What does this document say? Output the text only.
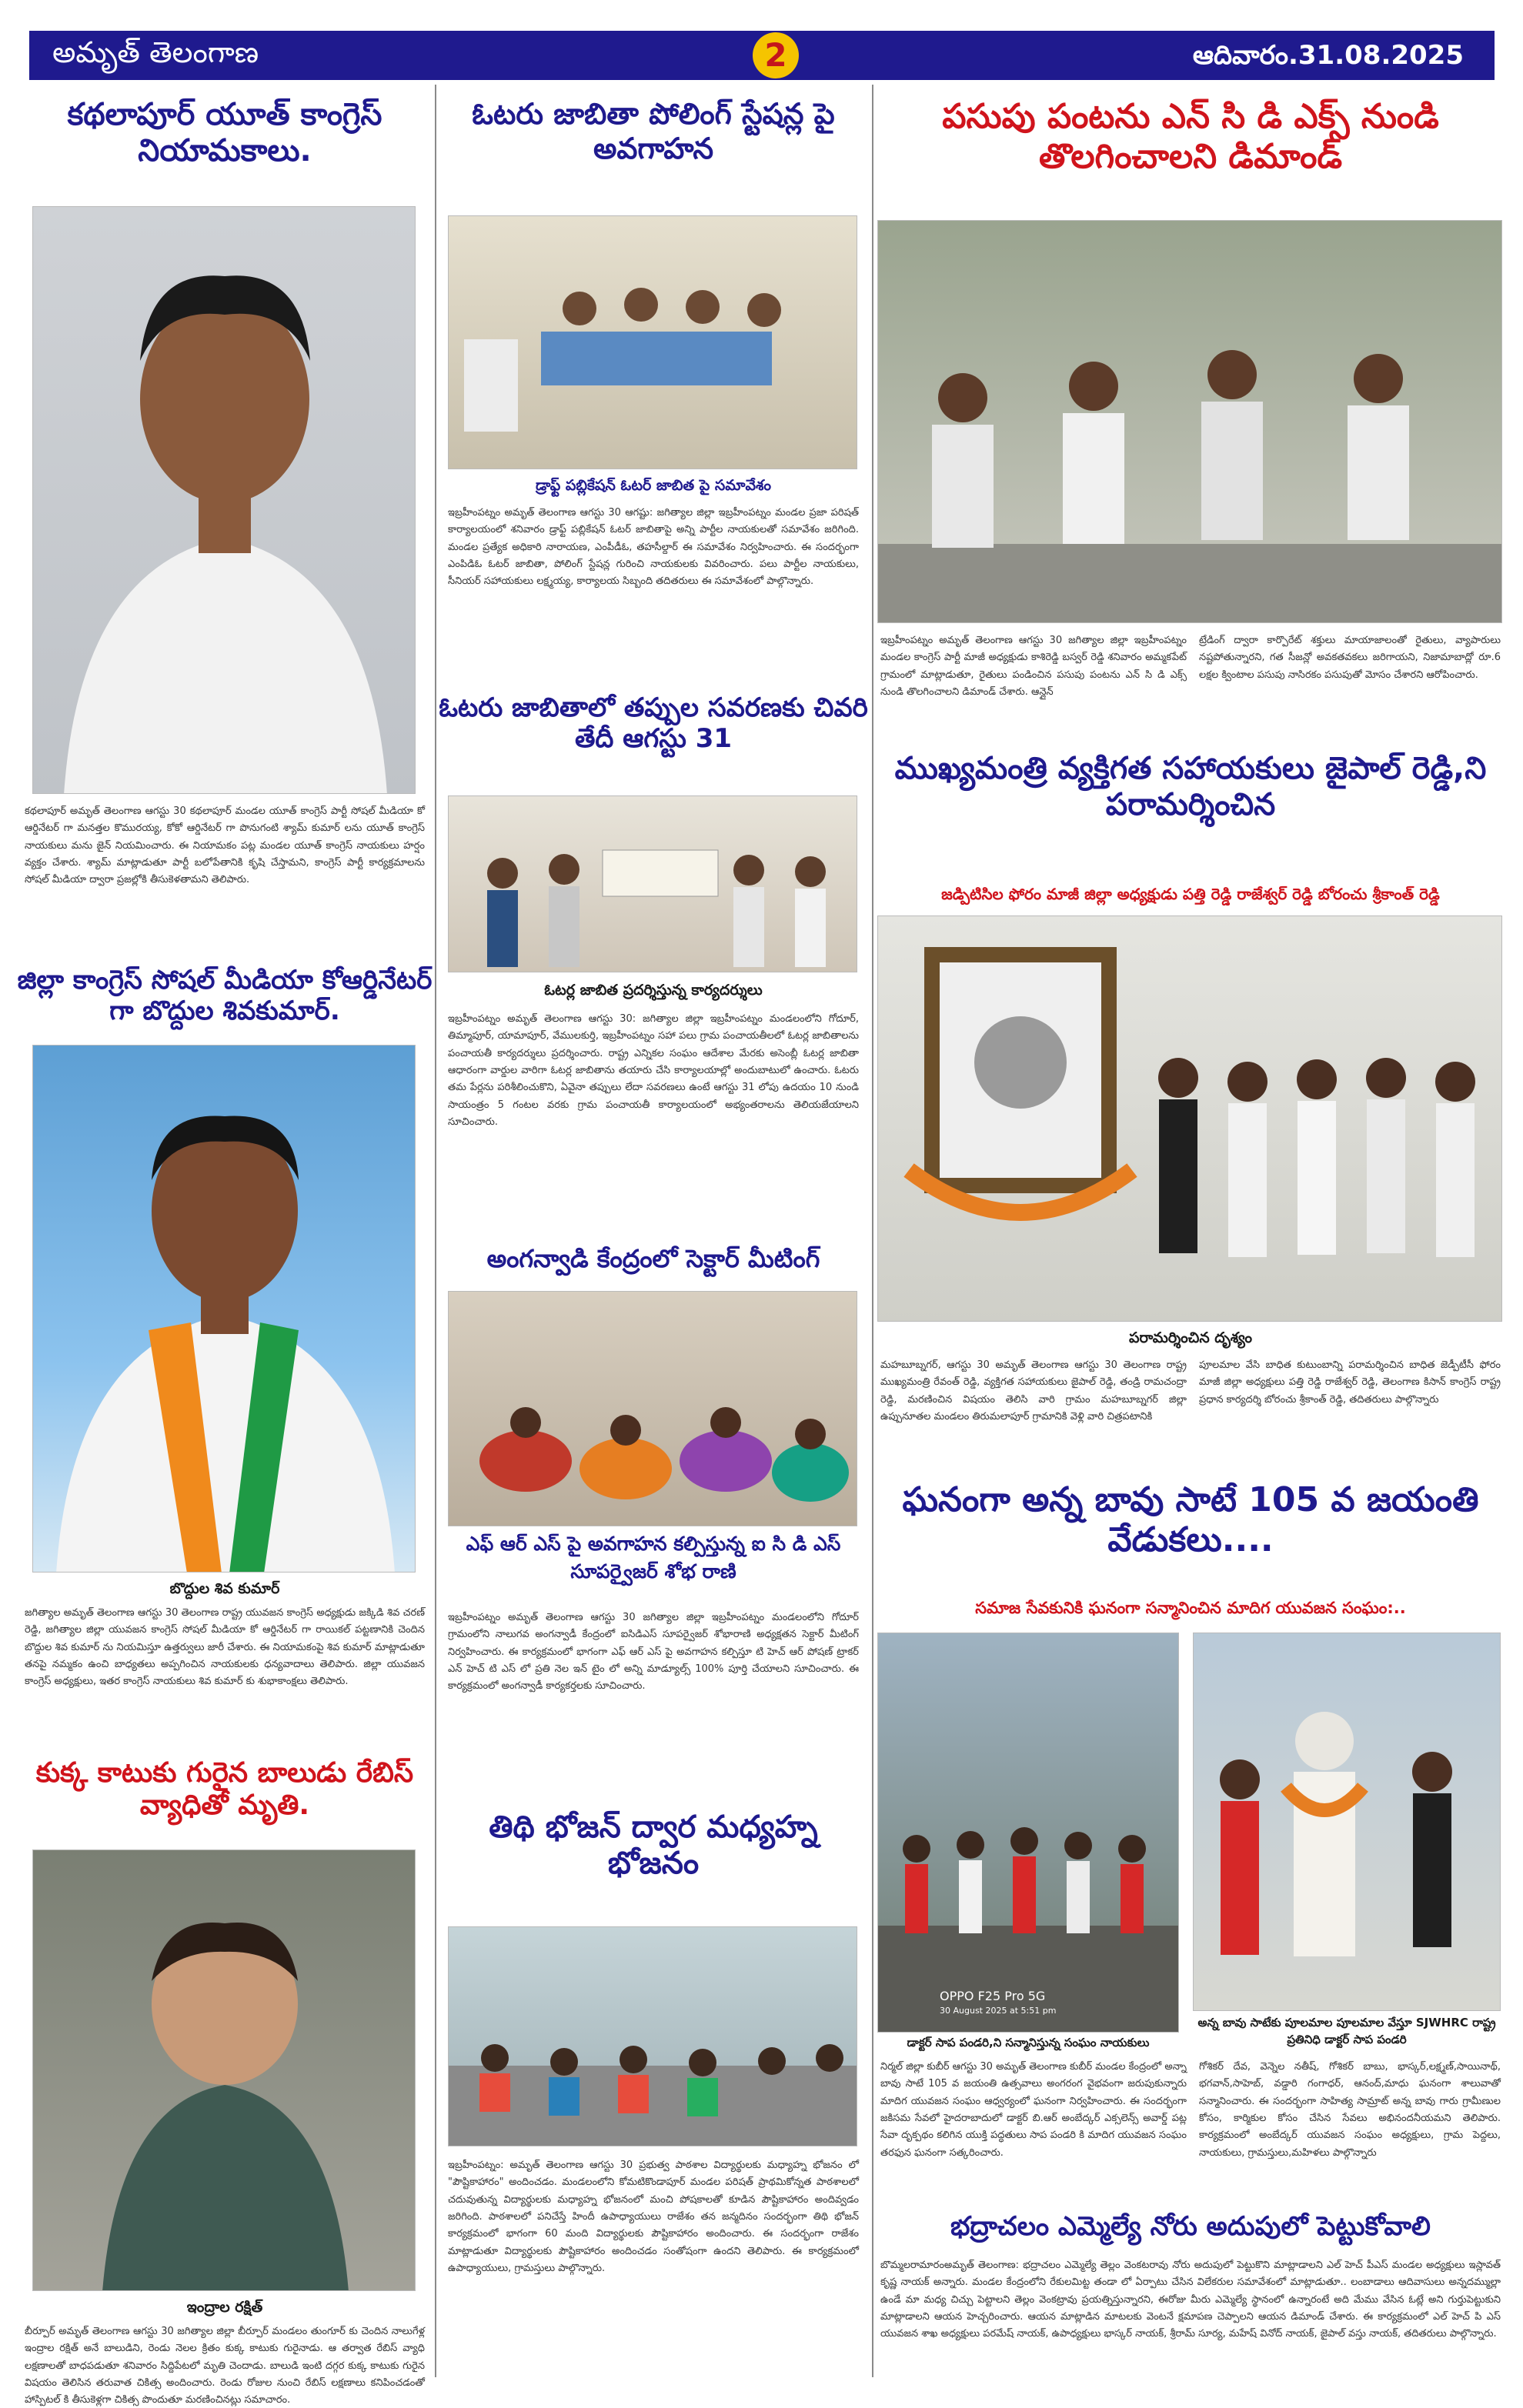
అమృత్ తెలంగాణ	2	ఆదివారం.31.08.2025
కథలాపూర్ యూత్ కాంగ్రెస్ నియామకాలు.
కథలాపూర్ అమృత్ తెలంగాణ ఆగస్టు 30 కథలాపూర్ మండల యూత్ కాంగ్రెస్ పార్టీ సోషల్ మీడియా కో ఆర్డినేటర్ గా మనత్తల కొమురయ్య, కోకో ఆర్డినేటర్ గా పొనుగంటి శ్యామ్ కుమార్ లను యూత్ కాంగ్రెస్ నాయకులు మను జైన్ నియమించారు. ఈ నియామకం పట్ల మండల యూత్ కాంగ్రెస్ నాయకులు హర్షం వ్యక్తం చేశారు. శ్యామ్ మాట్లాడుతూ పార్టీ బలోపేతానికి కృషి చేస్తామని, కాంగ్రెస్ పార్టీ కార్యక్రమాలను సోషల్ మీడియా ద్వారా ప్రజల్లోకి తీసుకెళతామని తెలిపారు.
జిల్లా కాంగ్రెస్ సోషల్ మీడియా కోఆర్డినేటర్ గా బొద్దుల శివకుమార్.
బొద్దుల శివ కుమార్
జగిత్యాల అమృత్ తెలంగాణ ఆగస్టు 30 తెలంగాణ రాష్ట్ర యువజన కాంగ్రెస్ అధ్యక్షుడు జక్కిడి శివ చరణ్ రెడ్డి, జగిత్యాల జిల్లా యువజన కాంగ్రెస్ సోషల్ మీడియా కో ఆర్డినేటర్ గా రాయికల్ పట్టణానికి చెందిన బొద్దుల శివ కుమార్ ను నియమిస్తూ ఉత్తర్వులు జారీ చేశారు. ఈ నియామకంపై శివ కుమార్ మాట్లాడుతూ తనపై నమ్మకం ఉంచి బాధ్యతలు అప్పగించిన నాయకులకు ధన్యవాదాలు తెలిపారు. జిల్లా యువజన కాంగ్రెస్ అధ్యక్షులు, ఇతర కాంగ్రెస్ నాయకులు శివ కుమార్ కు శుభాకాంక్షలు తెలిపారు.
కుక్క కాటుకు గురైన బాలుడు రేబిస్ వ్యాధితో మృతి.
ఇంద్రాల రక్షిత్
బీర్పూర్ అమృత్ తెలంగాణ ఆగస్టు 30 జగిత్యాల జిల్లా బీర్పూర్ మండలం తుంగూర్ కు చెందిన నాలుగేళ్ల ఇంద్రాల రక్షిత్ అనే బాలుడిని, రెండు నెలల క్రితం కుక్క కాటుకు గురైనాడు. ఆ తర్వాత రేబిస్ వ్యాధి లక్షణాలతో బాధపడుతూ శనివారం సిద్దిపేటలో మృతి చెందాడు. బాలుడి ఇంటి దగ్గర కుక్క కాటుకు గురైన విషయం తెలిసిన తరువాత చికిత్స అందించారు. రెండు రోజుల నుంచి రేబిస్ లక్షణాలు కనిపించడంతో హాస్పిటల్ కి తీసుకెళ్లగా చికిత్స పొందుతూ మరణించినట్లు సమాచారం.
ఓటరు జాబితా పోలింగ్ స్టేషన్ల పై అవగాహన
డ్రాఫ్ట్ పబ్లికేషన్ ఓటర్ జాబిత పై సమావేశం
ఇబ్రహీంపట్నం అమృత్ తెలంగాణ ఆగస్టు 30 ఆగష్టు: జగిత్యాల జిల్లా ఇబ్రహీంపట్నం మండల ప్రజా పరిషత్ కార్యాలయంలో శనివారం డ్రాఫ్ట్ పబ్లికేషన్ ఓటర్ జాబితాపై అన్ని పార్టీల నాయకులతో సమావేశం జరిగింది. మండల ప్రత్యేక అధికారి నారాయణ, ఎంపీడీఓ, తహసీల్దార్ ఈ సమావేశం నిర్వహించారు. ఈ సందర్భంగా ఎంపిడిఓ ఓటర్ జాబితా, పోలింగ్ స్టేషన్ల గురించి నాయకులకు వివరించారు. పలు పార్టీల నాయకులు, సీనియర్ సహాయకులు లక్ష్మయ్య, కార్యాలయ సిబ్బంది తదితరులు ఈ సమావేశంలో పాల్గొన్నారు.
ఓటరు జాబితాలో తప్పుల సవరణకు చివరి తేదీ ఆగస్టు 31
ఓటర్ల జాబిత ప్రదర్శిస్తున్న కార్యదర్శులు
ఇబ్రహీంపట్నం అమృత్ తెలంగాణ ఆగస్టు 30: జగిత్యాల జిల్లా ఇబ్రహీంపట్నం మండలంలోని గోదూర్, తిమ్మాపూర్, యామాపూర్, వేములకుర్తి, ఇబ్రహీంపట్నం సహా పలు గ్రామ పంచాయతీలలో ఓటర్ల జాబితాలను పంచాయతీ కార్యదర్శులు ప్రదర్శించారు. రాష్ట్ర ఎన్నికల సంఘం ఆదేశాల మేరకు అసెంబ్లీ ఓటర్ల జాబితా ఆధారంగా వార్డుల వారిగా ఓటర్ల జాబితాను తయారు చేసి కార్యాలయాల్లో అందుబాటులో ఉంచారు. ఓటరు తమ పేర్లను పరిశీలించుకొని, ఏవైనా తప్పులు లేదా సవరణలు ఉంటే ఆగస్టు 31 లోపు ఉదయం 10 నుండి సాయంత్రం 5 గంటల వరకు గ్రామ పంచాయతీ కార్యాలయంలో అభ్యంతరాలను తెలియజేయాలని సూచించారు.
అంగన్వాడి కేంద్రంలో సెక్టార్ మీటింగ్
ఎఫ్ ఆర్ ఎస్ పై అవగాహన కల్పిస్తున్న ఐ సి డి ఎస్ సూపర్వైజర్ శోభ రాణి
ఇబ్రహీంపట్నం అమృత్ తెలంగాణ ఆగస్టు 30 జగిత్యాల జిల్లా ఇబ్రహీంపట్నం మండలంలోని గోదూర్ గ్రామంలోని నాలుగవ అంగన్వాడీ కేంద్రంలో ఐసిడిఎస్ సూపర్వైజర్ శోభారాణి అధ్యక్షతన సెక్టార్ మీటింగ్ నిర్వహించారు. ఈ కార్యక్రమంలో భాగంగా ఎఫ్ ఆర్ ఎస్ పై అవగాహన కల్పిస్తూ టి హెచ్ ఆర్ పోషణ్ ట్రాకర్ ఎన్ హెచ్ టి ఎస్ లో ప్రతి నెల ఇన్ టైం లో అన్ని మాడ్యూల్స్ 100% పూర్తి చేయాలని సూచించారు. ఈ కార్యక్రమంలో అంగన్వాడీ కార్యకర్తలకు సూచించారు.
తిథి భోజన్ ద్వార మధ్యహ్న భోజనం
ఇబ్రహీంపట్నం: అమృత్ తెలంగాణ ఆగస్టు 30 ప్రభుత్వ పాఠశాల విద్యార్థులకు మధ్యాహ్న భోజనం లో "పౌష్టికాహారం" అందించడం. మండలంలోని కోమటికొండాపూర్ మండల పరిషత్ ప్రాథమికోన్నత పాఠశాలలో చదువుతున్న విద్యార్థులకు మధ్యాహ్న భోజనంలో మంచి పోషకాలతో కూడిన పౌష్టికాహారం అందివ్వడం జరిగింది. పాఠశాలలో పనిచేస్తే హిందీ ఉపాధ్యాయులు రాజేశం తన జన్మదినం సందర్భంగా తిథి భోజన్ కార్యక్రమంలో భాగంగా 60 మంది విద్యార్థులకు పౌష్టికాహారం అందించారు. ఈ సందర్భంగా రాజేశం మాట్లాడుతూ విద్యార్థులకు పౌష్టికాహారం అందించడం సంతోషంగా ఉందని తెలిపారు. ఈ కార్యక్రమంలో ఉపాధ్యాయులు, గ్రామస్తులు పాల్గొన్నారు.
పసుపు పంటను ఎన్ సి డి ఎక్స్ నుండి తొలగించాలని డిమాండ్
ఇబ్రహీంపట్నం అమృత్ తెలంగాణ ఆగస్టు 30 జగిత్యాల జిల్లా ఇబ్రహీంపట్నం మండల కాంగ్రెస్ పార్టీ మాజీ అధ్యక్షుడు కాశిరెడ్డి బస్వర్ రెడ్డి శనివారం అమ్మకపేట్ గ్రామంలో మాట్లాడుతూ, రైతులు పండించిన పసుపు పంటను ఎన్ సి డి ఎక్స్ నుండి తొలగించాలని డిమాండ్ చేశారు. ఆన్లైన్
ట్రేడింగ్ ద్వారా కార్పొరేట్ శక్తులు మాయాజాలంతో రైతులు, వ్యాపారులు నష్టపోతున్నారని, గత సీజన్లో అవకతవకలు జరిగాయని, నిజామాబాద్లో రూ.6 లక్షల క్వింటాల పసుపు నాసిరకం పసుపుతో మోసం చేశారని ఆరోపించారు.
ముఖ్యమంత్రి వ్యక్తిగత సహాయకులు జైపాల్ రెడ్డి,ని పరామర్శించిన
జడ్పిటిసిల ఫోరం మాజీ జిల్లా అధ్యక్షుడు పత్తి రెడ్డి రాజేశ్వర్ రెడ్డి బోరంచు శ్రీకాంత్ రెడ్డి
పరామర్శించిన దృశ్యం
మహబూబ్నగర్, ఆగస్టు 30 అమృత్ తెలంగాణ ఆగస్టు 30 తెలంగాణ రాష్ట్ర ముఖ్యమంత్రి రేవంత్ రెడ్డి, వ్యక్తిగత సహాయకులు జైపాల్ రెడ్డి, తండ్రి రామచంద్రా రెడ్డి, మరణించిన విషయం తెలిసి వారి గ్రామం మహబూబ్నగర్ జిల్లా ఉప్పునూతల మండలం తిరుమలాపూర్ గ్రామానికి వెళ్లి వారి చిత్రపటానికి
పూలమాల వేసి బాధిత కుటుంబాన్ని పరామర్శించిన బాధిత జెడ్పీటీసీ ఫోరం మాజీ జిల్లా అధ్యక్షులు పత్తి రెడ్డి రాజేశ్వర్ రెడ్డి, తెలంగాణ కిసాన్ కాంగ్రెస్ రాష్ట్ర ప్రధాన కార్యదర్శి బోరంచు శ్రీకాంత్ రెడ్డి, తదితరులు పాల్గొన్నారు
ఘనంగా అన్న బావు సాటే 105 వ జయంతి వేడుకలు....
సమాజ సేవకునికి ఘనంగా సన్మానించిన మాదిగ యువజన సంఘం:..
OPPO F25 Pro 5G
30 August 2025 at 5:51 pm
డాక్టర్ సాప పండరి,ని సన్మానిస్తున్న సంఘం నాయకులు
అన్న బావు సాటేకు పూలమాల పూలమాల వేస్తూ SJWHRC రాష్ట్ర ప్రతినిధి డాక్టర్ సాప పండరి
నిర్మల్ జిల్లా కుబీర్ ఆగస్టు 30 అమృత్ తెలంగాణ కుబీర్ మండల కేంద్రంలో అన్నా బావు సాటే 105 వ జయంతి ఉత్సవాలు అంగరంగ వైభవంగా జరుపుకున్నారు మాదిగ యువజన సంఘం ఆధ్వర్యంలో ఘనంగా నిర్వహించారు. ఈ సందర్భంగా జకిసమ సేవలో హైదరాబాదులో డాక్టర్ బి.ఆర్ అంబేద్కర్ ఎక్సలెన్స్ అవార్డ్ పట్ల సేవా దృక్పథం కలిగిన యుక్తి పద్ధతులు సాప పండరి కి మాదిగ యువజన సంఘం తరఫున ఘనంగా సత్కరించారు.
గోశికర్ దేవ, వెన్నెల నతీష్, గోశికర్ బాబు, భాస్కర్,లక్ష్మణ్,సాయినాథ్, భగవాన్,సాహెబ్, వడ్డారి గంగాధర్, ఆనంద్,మాధు ఘనంగా శాలువాతో సన్మానించారు. ఈ సందర్భంగా సాహిత్య సామ్రాట్ అన్న బావు గారు గ్రామీణుల కోసం, కార్మికుల కోసం చేసిన సేవలు అభినందనీయమని తెలిపారు. కార్యక్రమంలో అంబేద్కర్ యువజన సంఘం అధ్యక్షులు, గ్రామ పెద్దలు, నాయకులు, గ్రామస్తులు,మహిళలు పాల్గొన్నారు
భద్రాచలం ఎమ్మెల్యే నోరు అదుపులో పెట్టుకోవాలి
బొమ్మలరామారంఅమృత్ తెలంగాణ: భద్రాచలం ఎమ్మెల్యే తెల్లం వెంకటరావు నోరు అదుపులో పెట్టుకొని మాట్లాడాలని ఎల్ హెచ్ పీఎస్ మండల అధ్యక్షులు ఇస్లావత్ కృష్ణ నాయక్ అన్నారు. మండల కేంద్రంలోని రేకులమిట్ట తండా లో ఏర్పాటు చేసిన విలేకరుల సమావేశంలో మాట్లాడుతూ.. లంబాడాలు ఆదివాసులు అన్నదమ్ముల్లా ఉండే మా మధ్య చిచ్చు పెట్టాలని తెల్లం వెంకట్రావు ప్రయత్నిస్తున్నారని, ఈరోజు మీరు ఎమ్మెల్యే స్థానంలో ఉన్నారంటే అది మేము వేసిన ఓట్లే అని గుర్తుపెట్టుకుని మాట్లాడాలని ఆయన హెచ్చరించారు. ఆయన మాట్లాడిన మాటలకు వెంటనే క్షమాపణ చెప్పాలని ఆయన డిమాండ్ చేశారు. ఈ కార్యక్రమంలో ఎల్ హెచ్ పి ఎస్ యువజన శాఖ అధ్యక్షులు పరమేష్ నాయక్, ఉపాధ్యక్షులు భాస్కర్ నాయక్, శ్రీరామ్ సూర్య, మహేష్ వినోద్ నాయక్, జైపాల్ వస్తు నాయక్, తదితరులు పాల్గొన్నారు.
